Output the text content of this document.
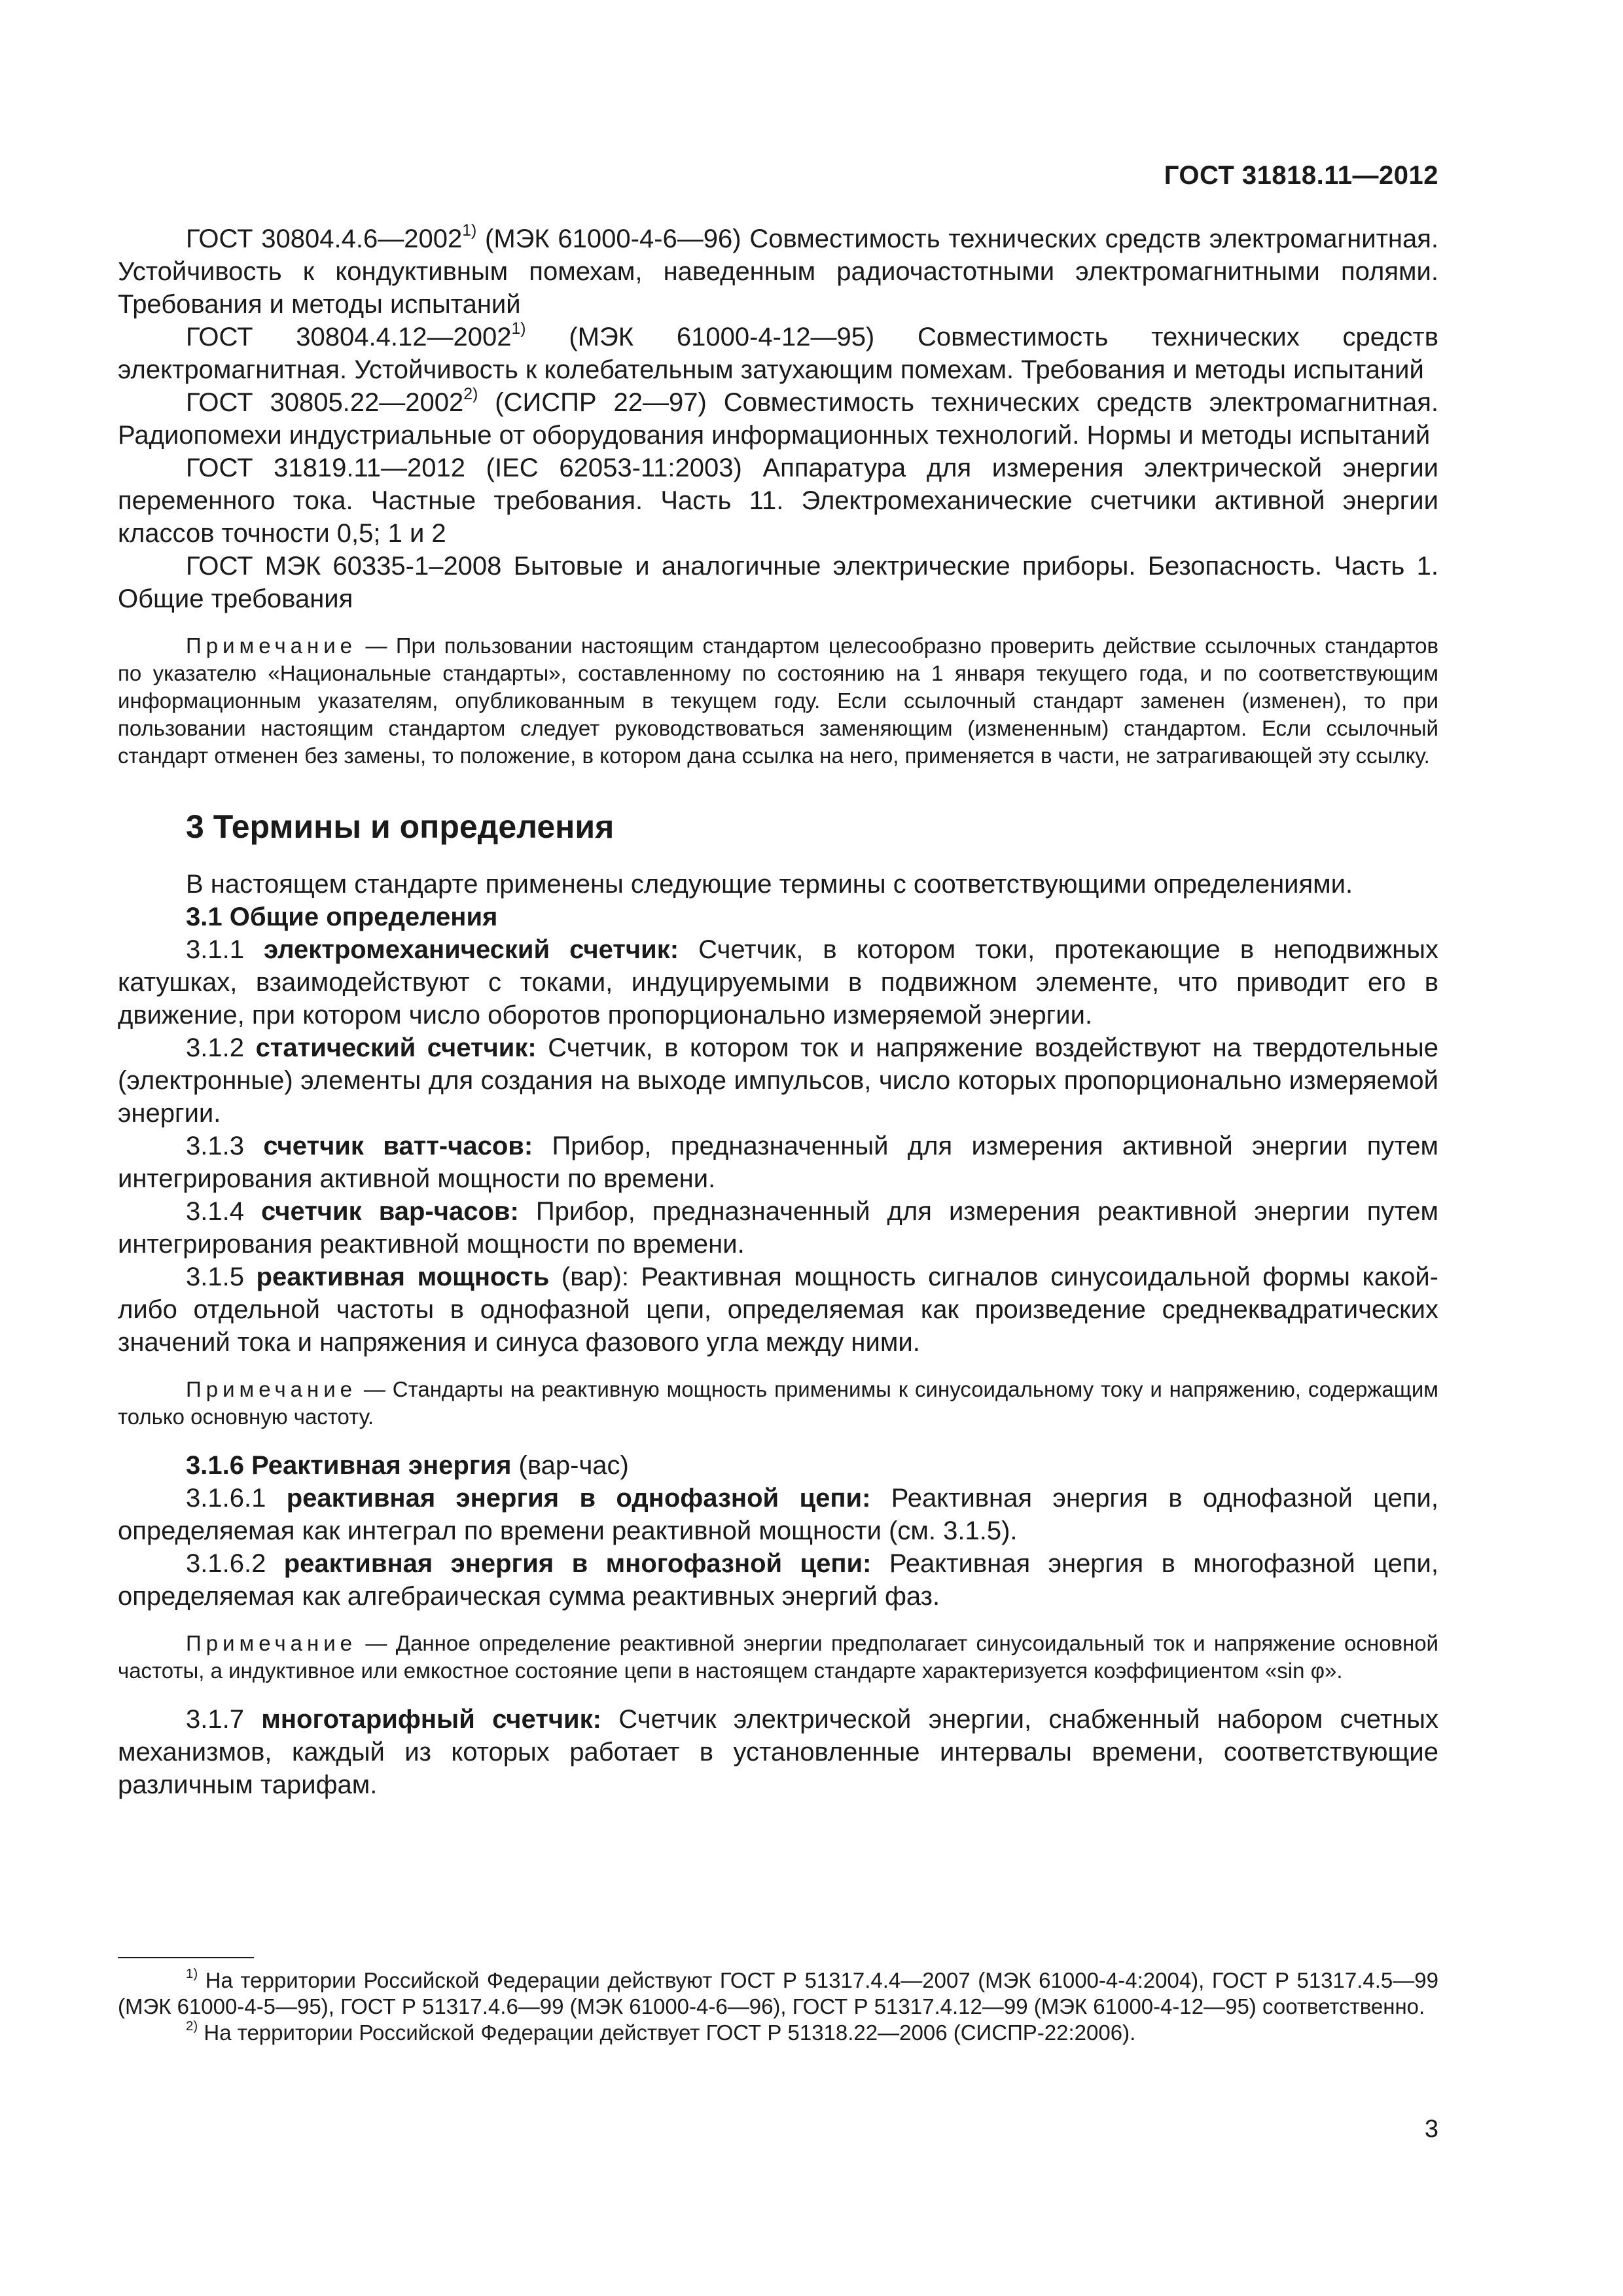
ГОСТ 31818.11—2012

ГОСТ 30804.4.6—2002$^{1)}$ (МЭК 61000-4-6—96) Совместимость технических средств электромагнитная. Устойчивость к кондуктивным помехам, наведенным радиочастотными электромагнитными полями. Требования и методы испытаний

ГОСТ 30804.4.12—2002$^{1)}$ (МЭК 61000-4-12—95) Совместимость технических средств электромагнитная. Устойчивость к колебательным затухающим помехам. Требования и методы испытаний

ГОСТ 30805.22—2002$^{2)}$ (СИСПР 22—97) Совместимость технических средств электромагнитная. Радиопомехи индустриальные от оборудования информационных технологий. Нормы и методы испытаний

ГОСТ 31819.11—2012 (IEC 62053-11:2003) Аппаратура для измерения электрической энергии переменного тока. Частные требования. Часть 11. Электромеханические счетчики активной энергии классов точности 0,5; 1 и 2

ГОСТ МЭК 60335-1–2008 Бытовые и аналогичные электрические приборы. Безопасность. Часть 1. Общие требования

Примечание — При пользовании настоящим стандартом целесообразно проверить действие ссылочных стандартов по указателю «Национальные стандарты», составленному по состоянию на 1 января текущего года, и по соответствующим информационным указателям, опубликованным в текущем году. Если ссылочный стандарт заменен (изменен), то при пользовании настоящим стандартом следует руководствоваться заменяющим (измененным) стандартом. Если ссылочный стандарт отменен без замены, то положение, в котором дана ссылка на него, применяется в части, не затрагивающей эту ссылку.

3 Термины и определения

В настоящем стандарте применены следующие термины с соответствующими определениями.

3.1 Общие определения

3.1.1 электромеханический счетчик: Счетчик, в котором токи, протекающие в неподвижных катушках, взаимодействуют с токами, индуцируемыми в подвижном элементе, что приводит его в движение, при котором число оборотов пропорционально измеряемой энергии.

3.1.2 статический счетчик: Счетчик, в котором ток и напряжение воздействуют на твердотельные (электронные) элементы для создания на выходе импульсов, число которых пропорционально измеряемой энергии.

3.1.3 счетчик ватт-часов: Прибор, предназначенный для измерения активной энергии путем интегрирования активной мощности по времени.

3.1.4 счетчик вар-часов: Прибор, предназначенный для измерения реактивной энергии путем интегрирования реактивной мощности по времени.

3.1.5 реактивная мощность (вар): Реактивная мощность сигналов синусоидальной формы какой-либо отдельной частоты в однофазной цепи, определяемая как произведение среднеквадратических значений тока и напряжения и синуса фазового угла между ними.

Примечание — Стандарты на реактивную мощность применимы к синусоидальному току и напряжению, содержащим только основную частоту.

3.1.6 Реактивная энергия (вар-час)

3.1.6.1 реактивная энергия в однофазной цепи: Реактивная энергия в однофазной цепи, определяемая как интеграл по времени реактивной мощности (см. 3.1.5).

3.1.6.2 реактивная энергия в многофазной цепи: Реактивная энергия в многофазной цепи, определяемая как алгебраическая сумма реактивных энергий фаз.

Примечание — Данное определение реактивной энергии предполагает синусоидальный ток и напряжение основной частоты, а индуктивное или емкостное состояние цепи в настоящем стандарте характеризуется коэффициентом «sin φ».

3.1.7 многотарифный счетчик: Счетчик электрической энергии, снабженный набором счетных механизмов, каждый из которых работает в установленные интервалы времени, соответствующие различным тарифам.

$^{1)}$ На территории Российской Федерации действуют ГОСТ Р 51317.4.4—2007 (МЭК 61000-4-4:2004), ГОСТ Р 51317.4.5—99 (МЭК 61000-4-5—95), ГОСТ Р 51317.4.6—99 (МЭК 61000-4-6—96), ГОСТ Р 51317.4.12—99 (МЭК 61000-4-12—95) соответственно.

$^{2)}$ На территории Российской Федерации действует ГОСТ Р 51318.22—2006 (СИСПР-22:2006).

3
